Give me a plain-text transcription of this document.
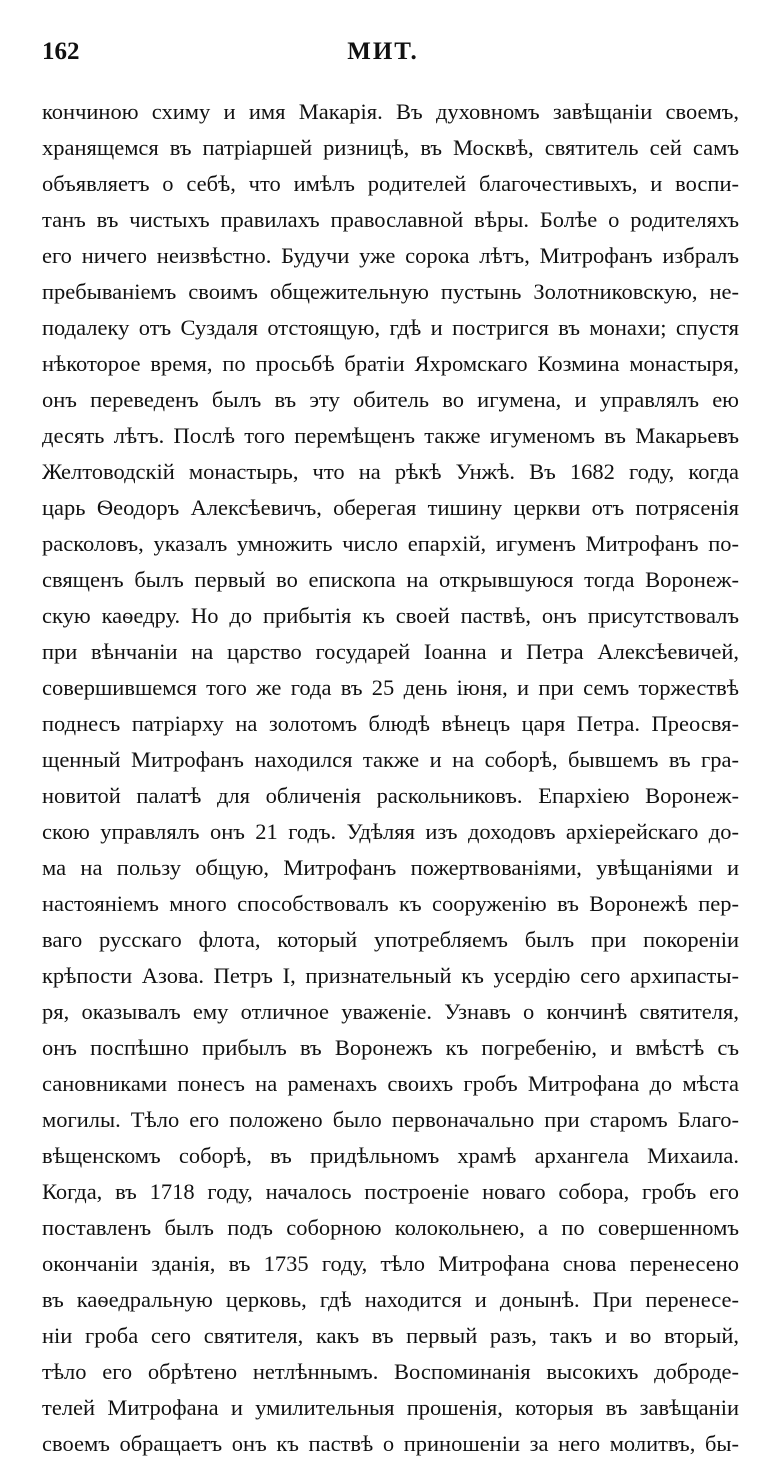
162	МИТ.
кончиною схиму и имя Макарія. Въ духовномъ завѣщаніи своемъ,
хранящемся въ патріаршей ризницѣ, въ Москвѣ, святитель сей самъ
объявляетъ о себѣ, что имѣлъ родителей благочестивыхъ, и воспи-
танъ въ чистыхъ правилахъ православной вѣры. Болѣе о родителяхъ
его ничего неизвѣстно. Будучи уже сорока лѣтъ, Митрофанъ избралъ
пребываніемъ своимъ общежительную пустынь Золотниковскую, не-
подалеку отъ Суздаля отстоящую, гдѣ и постригся въ монахи; спустя
нѣкоторое время, по просьбѣ братіи Яхромскаго Козмина монастыря,
онъ переведенъ былъ въ эту обитель во игумена, и управлялъ ею
десять лѣтъ. Послѣ того перемѣщенъ также игуменомъ въ Макарьевъ
Желтоводскій монастырь, что на рѣкѣ Унжѣ. Въ 1682 году, когда
царь Ѳеодоръ Алексѣевичъ, оберегая тишину церкви отъ потрясенія
расколовъ, указалъ умножить число епархій, игуменъ Митрофанъ по-
священъ былъ первый во епископа на открывшуюся тогда Воронеж-
скую каѳедру. Но до прибытія къ своей паствѣ, онъ присутствовалъ
при вѣнчаніи на царство государей Іоанна и Петра Алексѣевичей,
совершившемся того же года въ 25 день іюня, и при семъ торжествѣ
поднесъ патріарху на золотомъ блюдѣ вѣнецъ царя Петра. Преосвя-
щенный Митрофанъ находился также и на соборѣ, бывшемъ въ гра-
новитой палатѣ для обличенія раскольниковъ. Епархіею Воронеж-
скою управлялъ онъ 21 годъ. Удѣляя изъ доходовъ архіерейскаго до-
ма на пользу общую, Митрофанъ пожертвованіями, увѣщаніями и
настояніемъ много способствовалъ къ сооруженію въ Воронежѣ пер-
ваго русскаго флота, который употребляемъ былъ при покореніи
крѣпости Азова. Петръ I, признательный къ усердію сего архипасты-
ря, оказывалъ ему отличное уваженіе. Узнавъ о кончинѣ святителя,
онъ поспѣшно прибылъ въ Воронежъ къ погребенію, и вмѣстѣ съ
сановниками понесъ на раменахъ своихъ гробъ Митрофана до мѣста
могилы. Тѣло его положено было первоначально при старомъ Благо-
вѣщенскомъ соборѣ, въ придѣльномъ храмѣ архангела Михаила.
Когда, въ 1718 году, началось построеніе новаго собора, гробъ его
поставленъ былъ подъ соборною колокольнею, а по совершенномъ
окончаніи зданія, въ 1735 году, тѣло Митрофана снова перенесено
въ каѳедральную церковь, гдѣ находится и донынѣ. При перенесе-
ніи гроба сего святителя, какъ въ первый разъ, такъ и во вторый,
тѣло его обрѣтено нетлѣннымъ. Воспоминанія высокихъ доброде-
телей Митрофана и умилительныя прошенія, которыя въ завѣщаніи
своемъ обращаетъ онъ къ паствѣ о приношеніи за него молитвъ, бы-
